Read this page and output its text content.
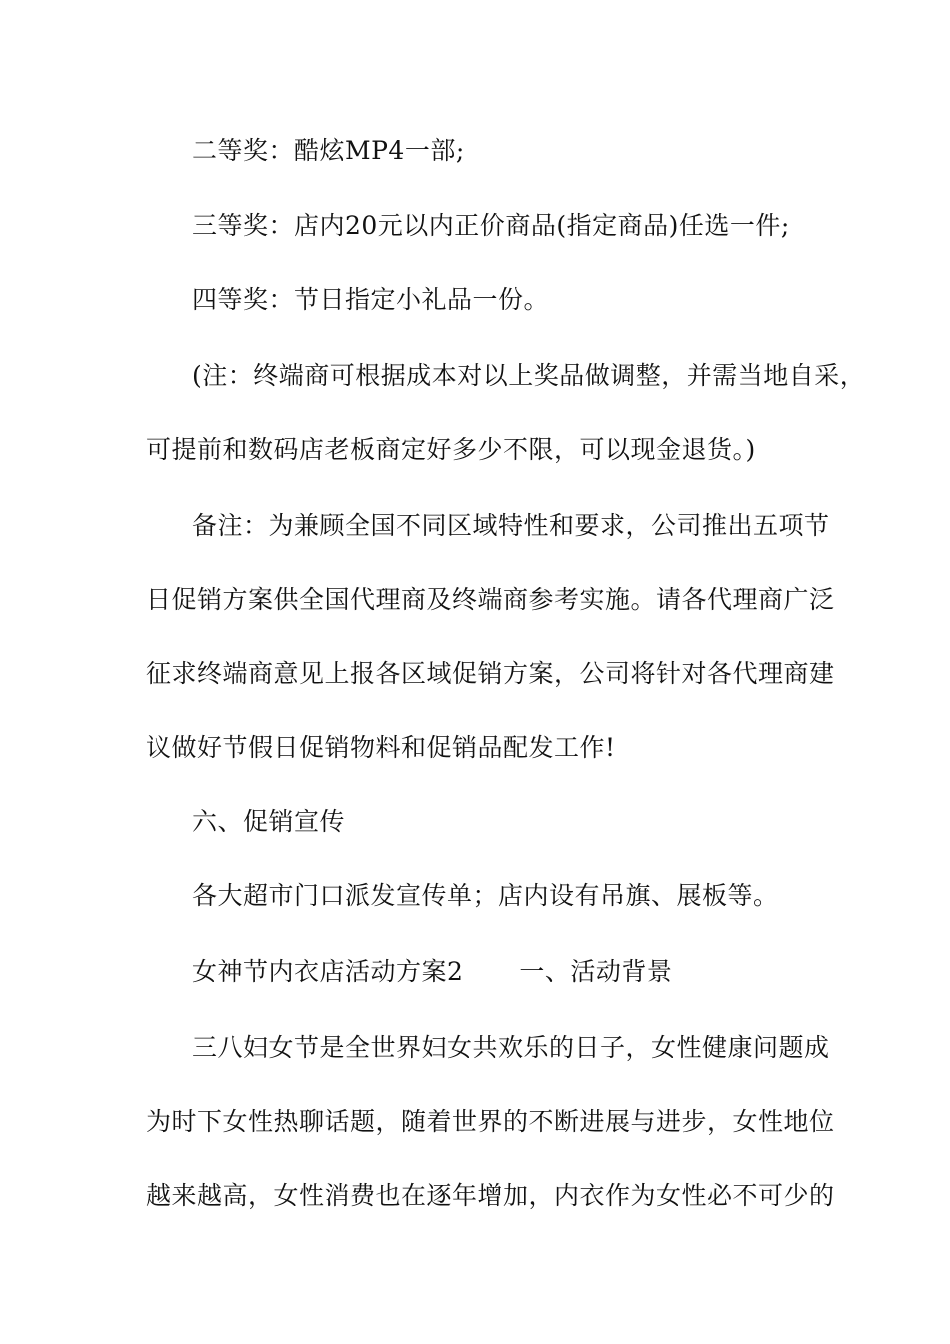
二等奖：酷炫MP4一部;
三等奖：店内20元以内正价商品(指定商品)任选一件;
四等奖：节日指定小礼品一份。
(注：终端商可根据成本对以上奖品做调整，并需当地自采，
可提前和数码店老板商定好多少不限，可以现金退货。)
备注：为兼顾全国不同区域特性和要求，公司推出五项节
日促销方案供全国代理商及终端商参考实施。请各代理商广泛
征求终端商意见上报各区域促销方案，公司将针对各代理商建
议做好节假日促销物料和促销品配发工作!
六、促销宣传
各大超市门口派发宣传单；店内设有吊旗、展板等。
女神节内衣店活动方案2 一、活动背景
三八妇女节是全世界妇女共欢乐的日子，女性健康问题成
为时下女性热聊话题，随着世界的不断进展与进步，女性地位
越来越高，女性消费也在逐年增加，内衣作为女性必不可少的
